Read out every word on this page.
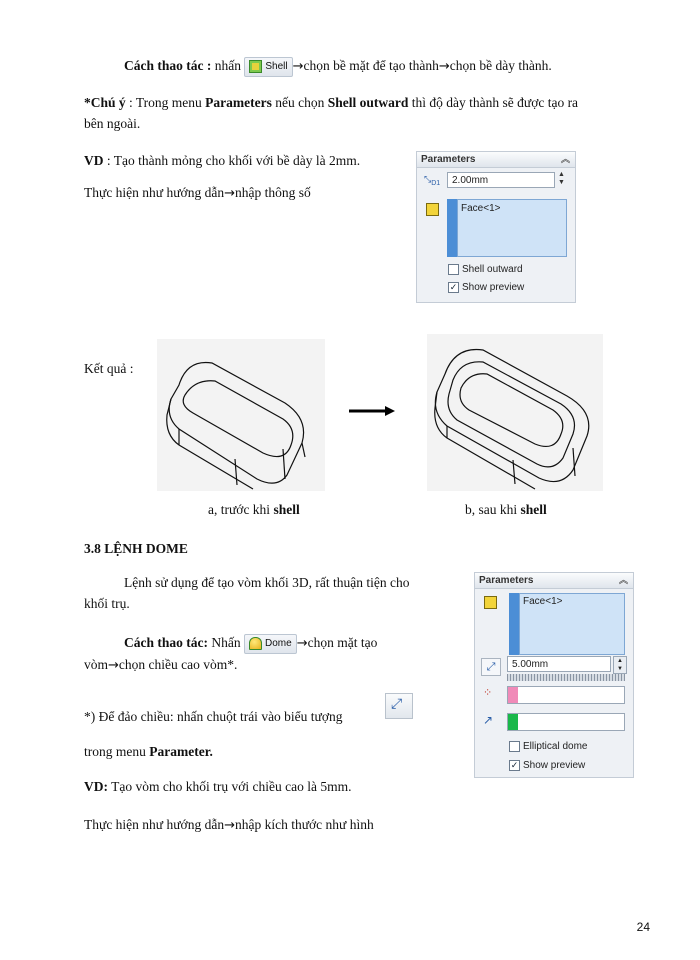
Cách thao tác : nhấn Shell →chọn bề mặt để tạo thành→chọn bề dày thành.
*Chú ý : Trong menu Parameters nếu chọn Shell outward thì độ dày thành sẽ được tạo ra
bên ngoài.
VD : Tạo thành mỏng cho khối với bề dày là 2mm.
Thực hiện như hướng dẫn→nhập thông số
Parameters	︽
$⤡_{D1}$	2.00mm
▲
▼
Face<1>
Shell outward
✓ Show preview
Kết quả :
a, trước khi shell	b, sau khi shell
3.8 LỆNH DOME
Lệnh sử dụng để tạo vòm khối 3D, rất thuận tiện cho
khối trụ.
Cách thao tác: Nhấn Dome →chọn mặt tạo
vòm→chọn chiều cao vòm*.
*) Để đảo chiều: nhấn chuột trái vào biểu tượng
⤢
trong menu Parameter.
VD: Tạo vòm cho khối trụ với chiều cao là 5mm.
Thực hiện như hướng dẫn→nhập kích thước như hình
Parameters	︽
Face<1>
⤢	5.00mm	▲
▼
⁘
↗
Elliptical dome
✓ Show preview
24
